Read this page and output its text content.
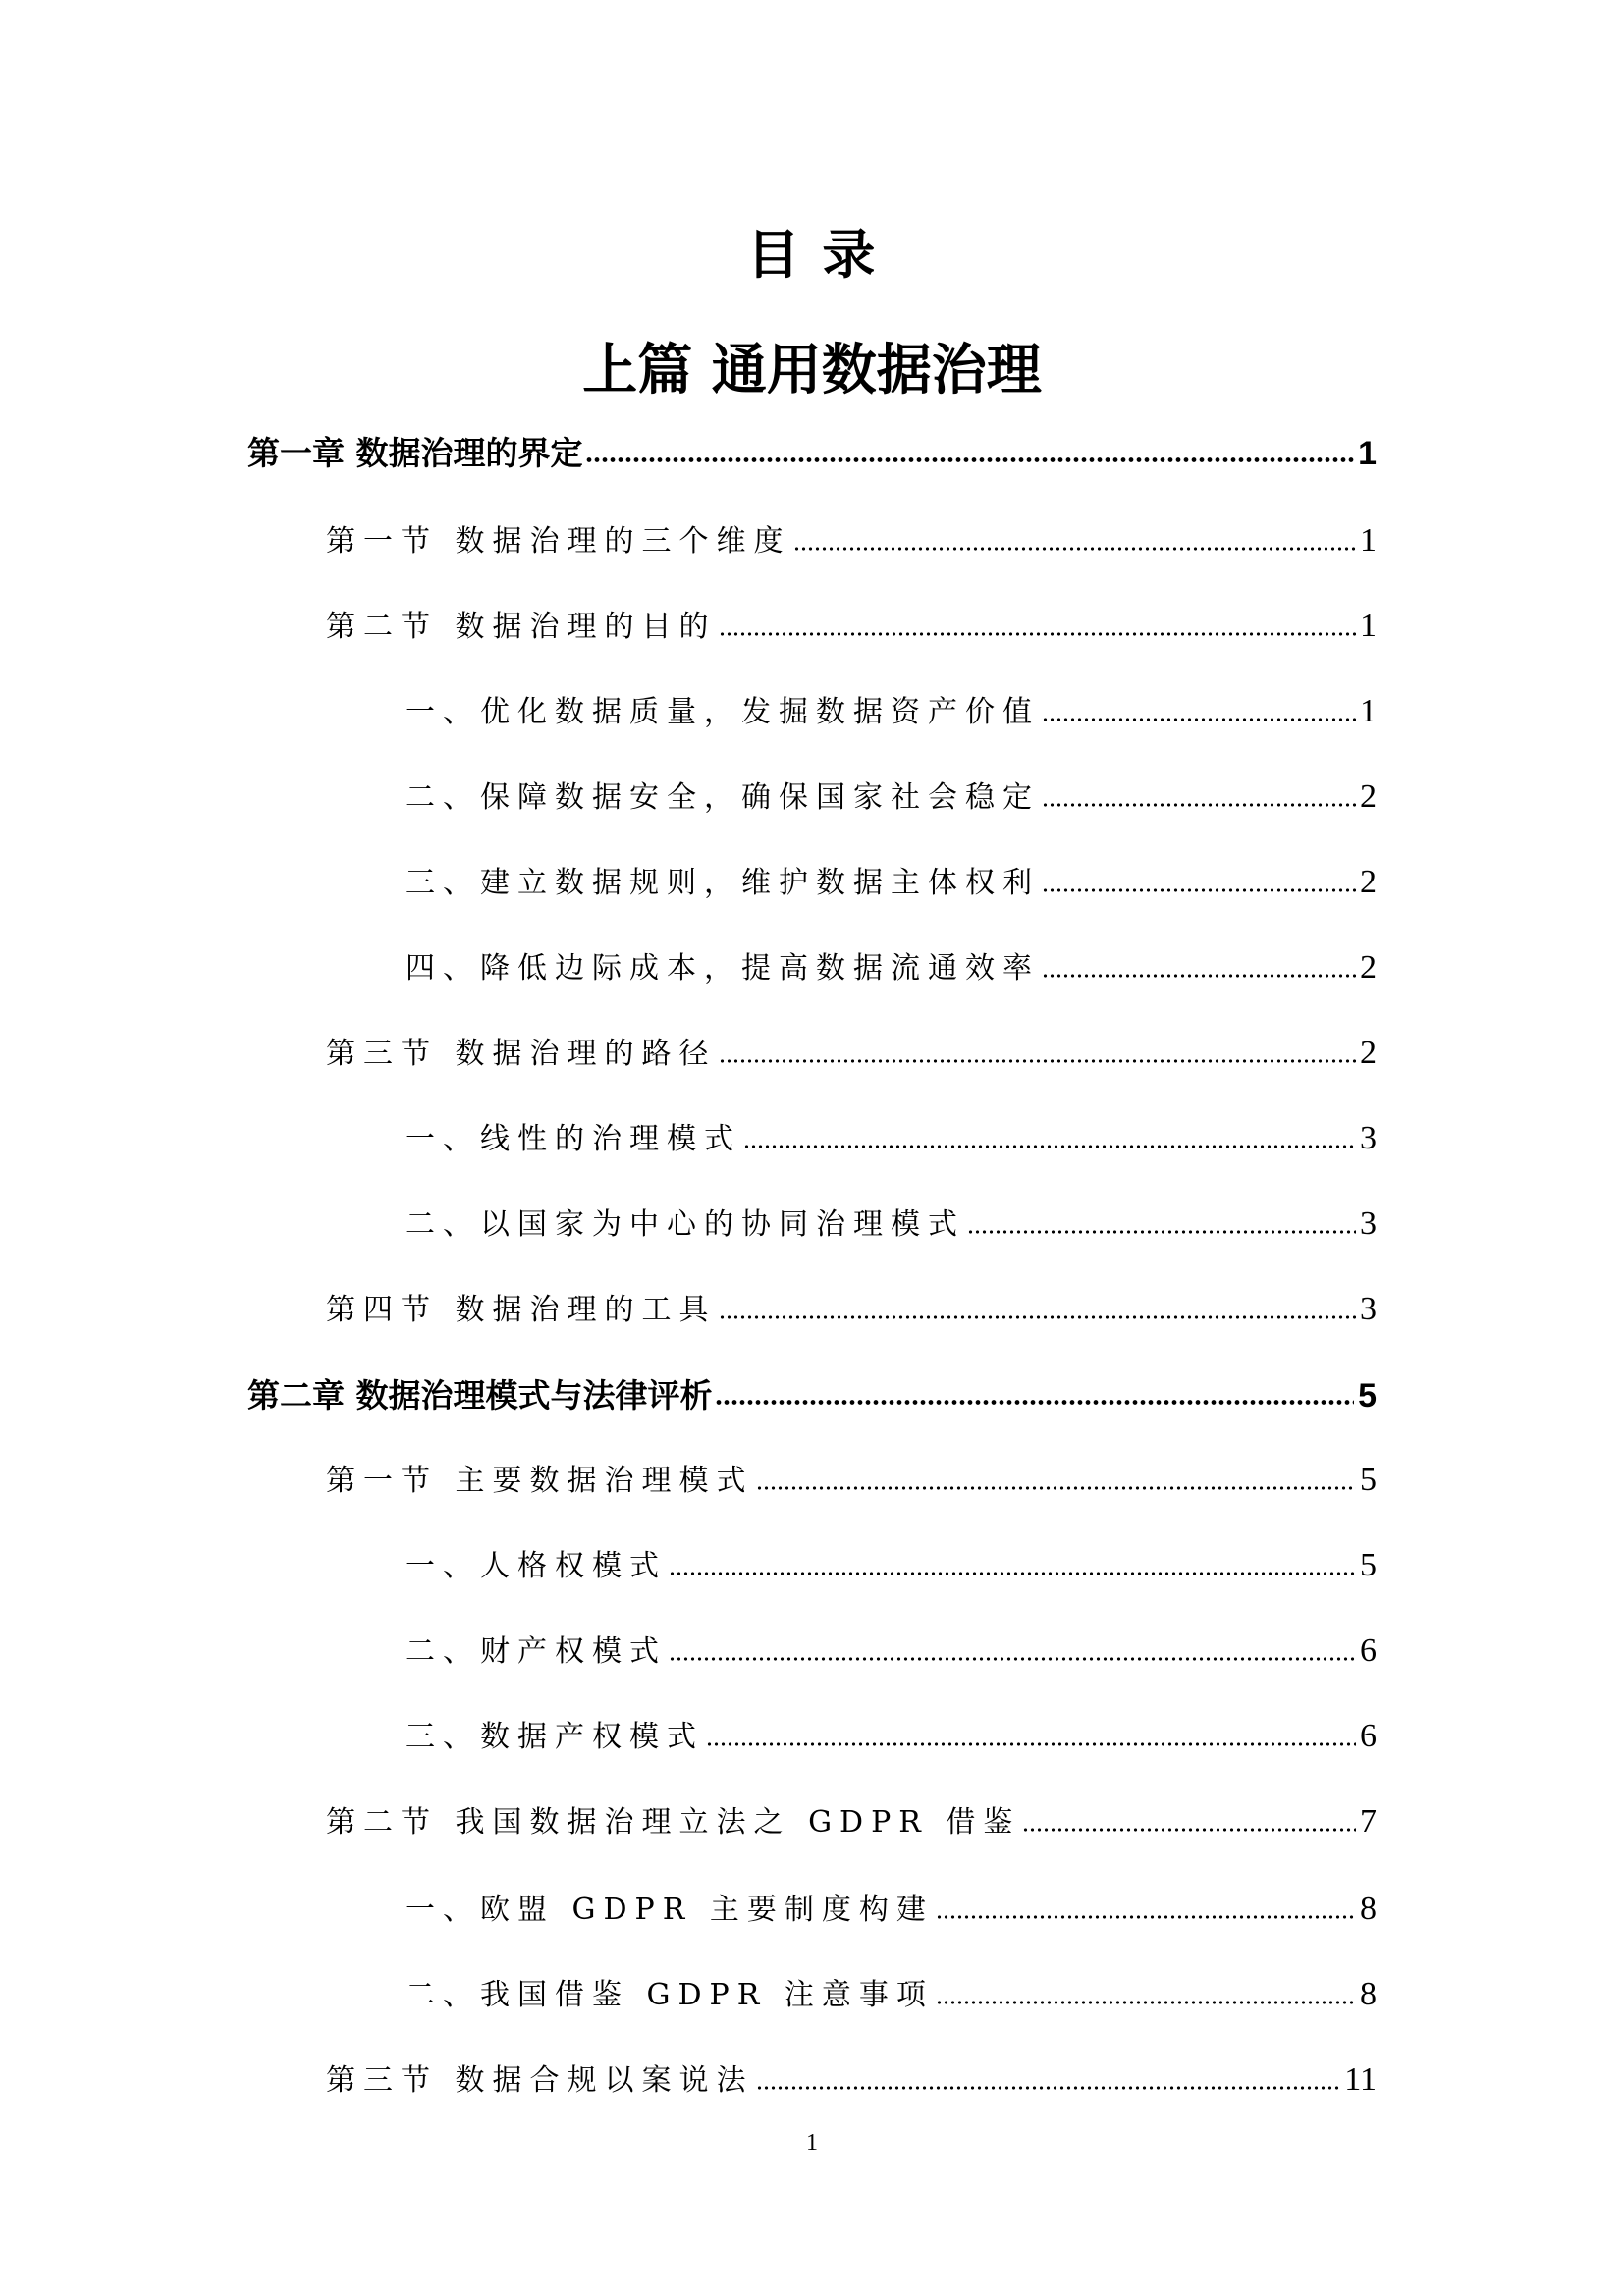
目 录
上篇 通用数据治理
第一章 数据治理的界定	1
第一节 数据治理的三个维度	1
第二节 数据治理的目的	1
一、优化数据质量，发掘数据资产价值	1
二、保障数据安全，确保国家社会稳定	2
三、建立数据规则，维护数据主体权利	2
四、降低边际成本，提高数据流通效率	2
第三节 数据治理的路径	2
一、线性的治理模式	3
二、以国家为中心的协同治理模式	3
第四节 数据治理的工具	3
第二章 数据治理模式与法律评析	5
第一节 主要数据治理模式	5
一、人格权模式	5
二、财产权模式	6
三、数据产权模式	6
第二节 我国数据治理立法之 GDPR 借鉴	7
一、欧盟 GDPR 主要制度构建	8
二、我国借鉴 GDPR 注意事项	8
第三节 数据合规以案说法	11
1
